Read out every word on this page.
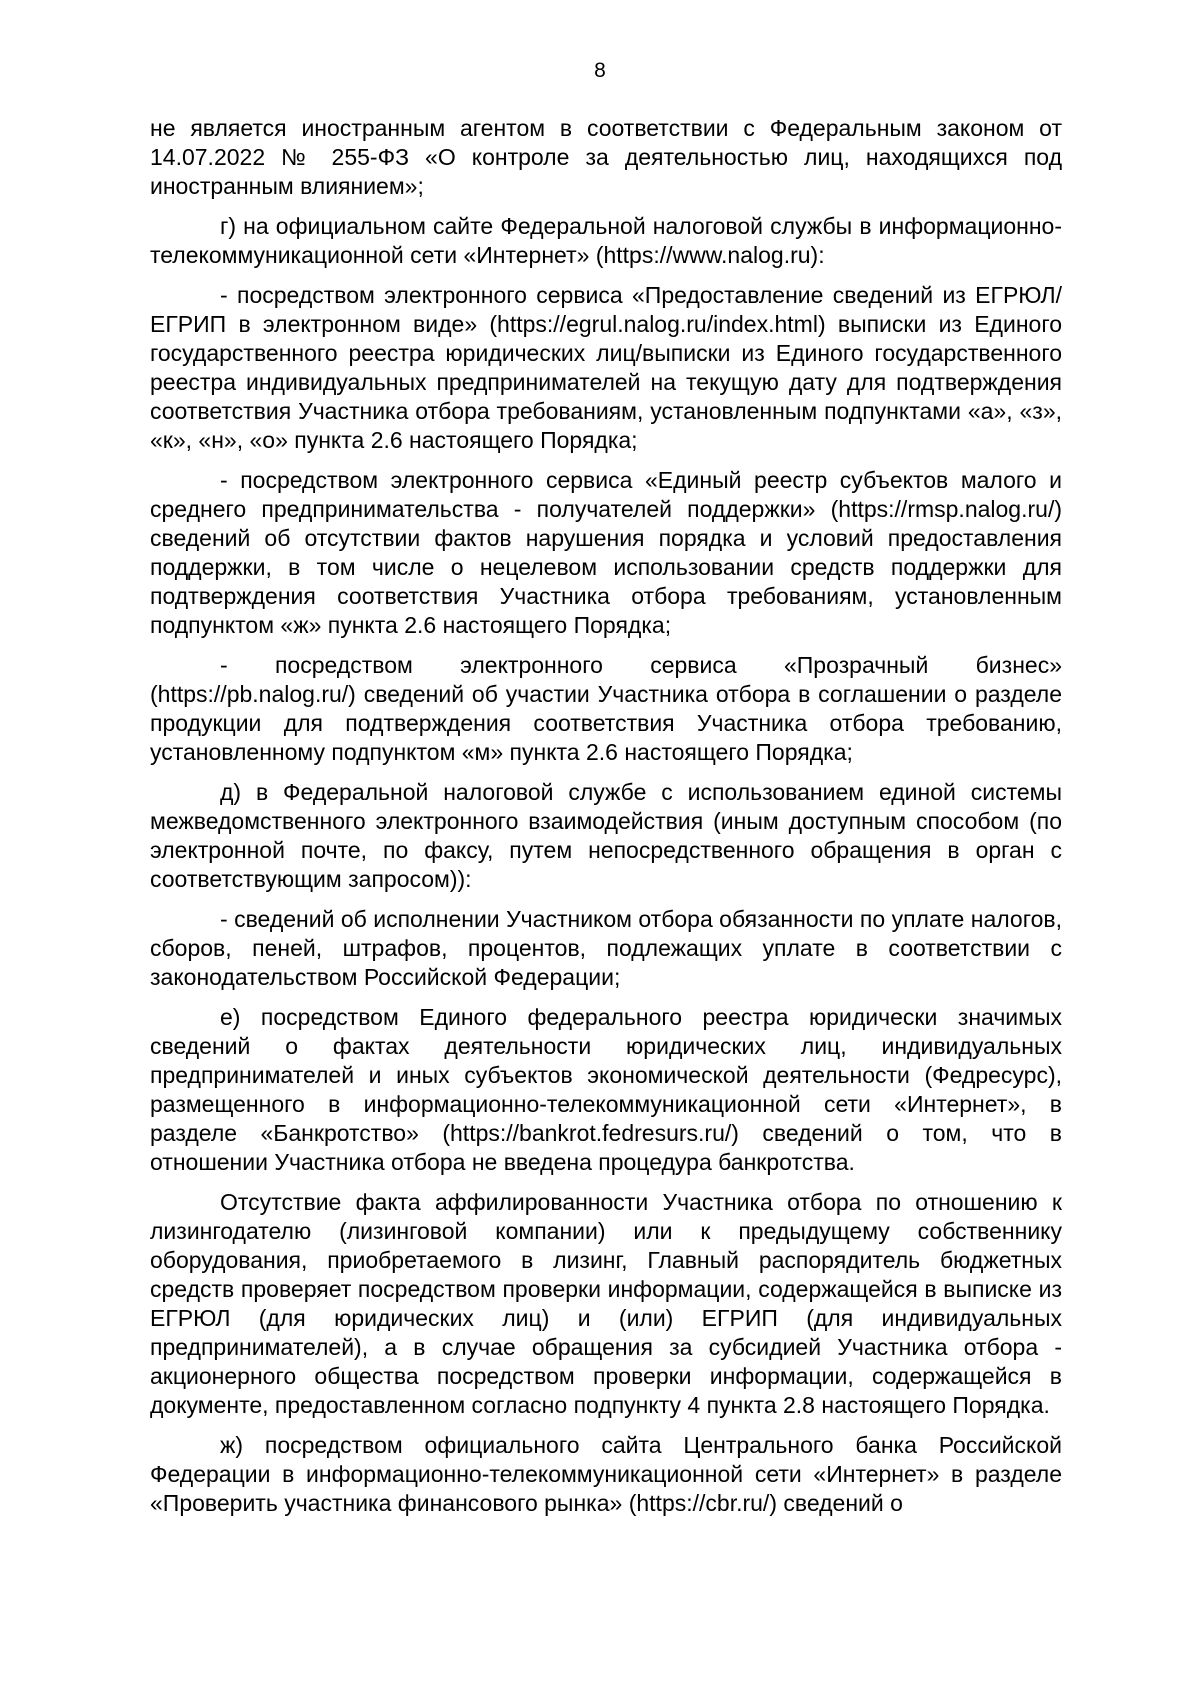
8

не является иностранным агентом в соответствии с Федеральным законом от 14.07.2022 № 255-ФЗ «О контроле за деятельностью лиц, находящихся под иностранным влиянием»;

г) на официальном сайте Федеральной налоговой службы в информационно-телекоммуникационной сети «Интернет» (https://www.nalog.ru):

- посредством электронного сервиса «Предоставление сведений из ЕГРЮЛ/ЕГРИП в электронном виде» (https://egrul.nalog.ru/index.html) выписки из Единого государственного реестра юридических лиц/выписки из Единого государственного реестра индивидуальных предпринимателей на текущую дату для подтверждения соответствия Участника отбора требованиям, установленным подпунктами «а», «з», «к», «н», «о» пункта 2.6 настоящего Порядка;

- посредством электронного сервиса «Единый реестр субъектов малого и среднего предпринимательства - получателей поддержки» (https://rmsp.nalog.ru/) сведений об отсутствии фактов нарушения порядка и условий предоставления поддержки, в том числе о нецелевом использовании средств поддержки для подтверждения соответствия Участника отбора требованиям, установленным подпунктом «ж» пункта 2.6 настоящего Порядка;

- посредством электронного сервиса «Прозрачный бизнес» (https://pb.nalog.ru/) сведений об участии Участника отбора в соглашении о разделе продукции для подтверждения соответствия Участника отбора требованию, установленному подпунктом «м» пункта 2.6 настоящего Порядка;

д) в Федеральной налоговой службе с использованием единой системы межведомственного электронного взаимодействия (иным доступным способом (по электронной почте, по факсу, путем непосредственного обращения в орган с соответствующим запросом)):

- сведений об исполнении Участником отбора обязанности по уплате налогов, сборов, пеней, штрафов, процентов, подлежащих уплате в соответствии с законодательством Российской Федерации;

е) посредством Единого федерального реестра юридически значимых сведений о фактах деятельности юридических лиц, индивидуальных предпринимателей и иных субъектов экономической деятельности (Федресурс), размещенного в информационно-телекоммуникационной сети «Интернет», в разделе «Банкротство» (https://bankrot.fedresurs.ru/) сведений о том, что в отношении Участника отбора не введена процедура банкротства.

Отсутствие факта аффилированности Участника отбора по отношению к лизингодателю (лизинговой компании) или к предыдущему собственнику оборудования, приобретаемого в лизинг, Главный распорядитель бюджетных средств проверяет посредством проверки информации, содержащейся в выписке из ЕГРЮЛ (для юридических лиц) и (или) ЕГРИП (для индивидуальных предпринимателей), а в случае обращения за субсидией Участника отбора - акционерного общества посредством проверки информации, содержащейся в документе, предоставленном согласно подпункту 4 пункта 2.8 настоящего Порядка.

ж) посредством официального сайта Центрального банка Российской Федерации в информационно-телекоммуникационной сети «Интернет» в разделе «Проверить участника финансового рынка» (https://cbr.ru/) сведений о
